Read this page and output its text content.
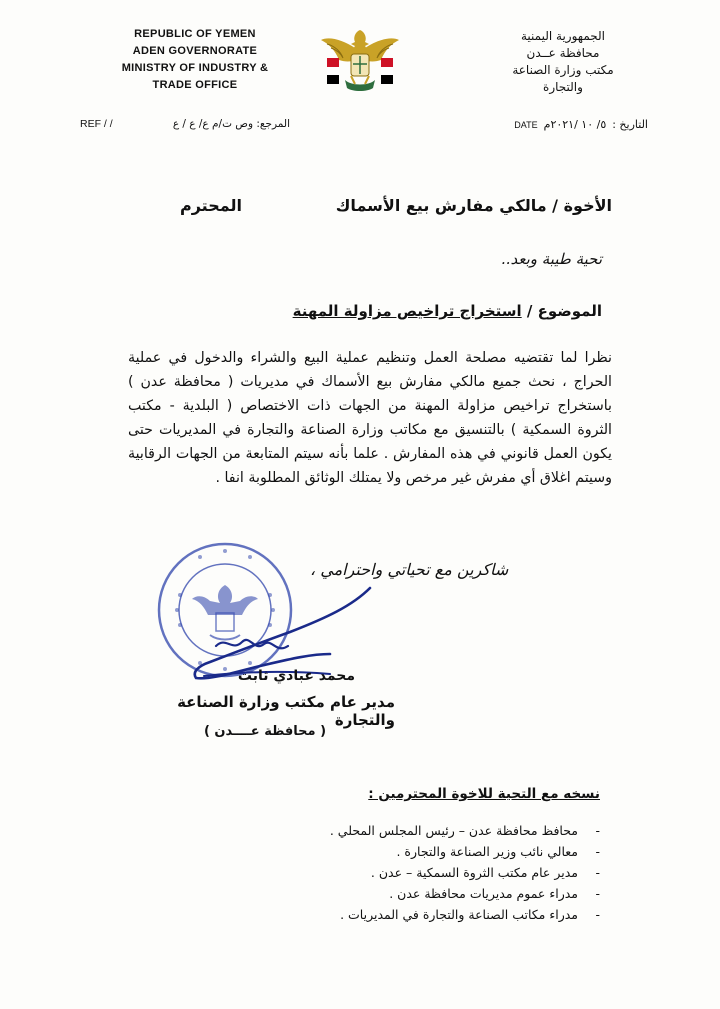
REPUBLIC OF YEMEN
ADEN GOVERNORATE
MINISTRY OF INDUSTRY &
TRADE OFFICE
الجمهورية اليمنية
محافظة عــدن
مكتب وزارة الصناعة
والتجارة
المرجع: وص ت/م ع/ ع / ع
REF / /	التاريخ :
٥/ ١٠ /٢٠٢١م
DATE
الأخوة / مالكي مفارش بيع الأسماك
المحترم
تحية طيبة وبعد..
الموضوع / استخراج تراخيص مزاولة المهنة
نظرا لما تقتضيه مصلحة العمل وتنظيم عملية البيع والشراء والدخول في عملية الحراج ، نحث جميع مالكي مفارش بيع الأسماك في مديريات ( محافظة عدن ) باستخراج تراخيص مزاولة المهنة من الجهات ذات الاختصاص ( البلدية - مكتب الثروة السمكية ) بالتنسيق مع مكاتب وزارة الصناعة والتجارة في المديريات حتى يكون العمل قانوني في هذه المفارش . علما بأنه سيتم المتابعة من الجهات الرقابية وسيتم اغلاق أي مفرش غير مرخص ولا يمتلك الوثائق المطلوبة انفا .
شاكرين مع تحياتي واحترامي ،
محمد عبادي ثابت
مدير عام مكتب وزارة الصناعة والتجارة
( محافظة عــــدن )
نسخه مع التحية للاخوة المحترمين :
- محافظ محافظة عدن – رئيس المجلس المحلي .
- معالي نائب وزير الصناعة والتجارة .
- مدير عام مكتب الثروة السمكية – عدن .
- مدراء عموم مديريات محافظة عدن .
- مدراء مكاتب الصناعة والتجارة في المديريات .
